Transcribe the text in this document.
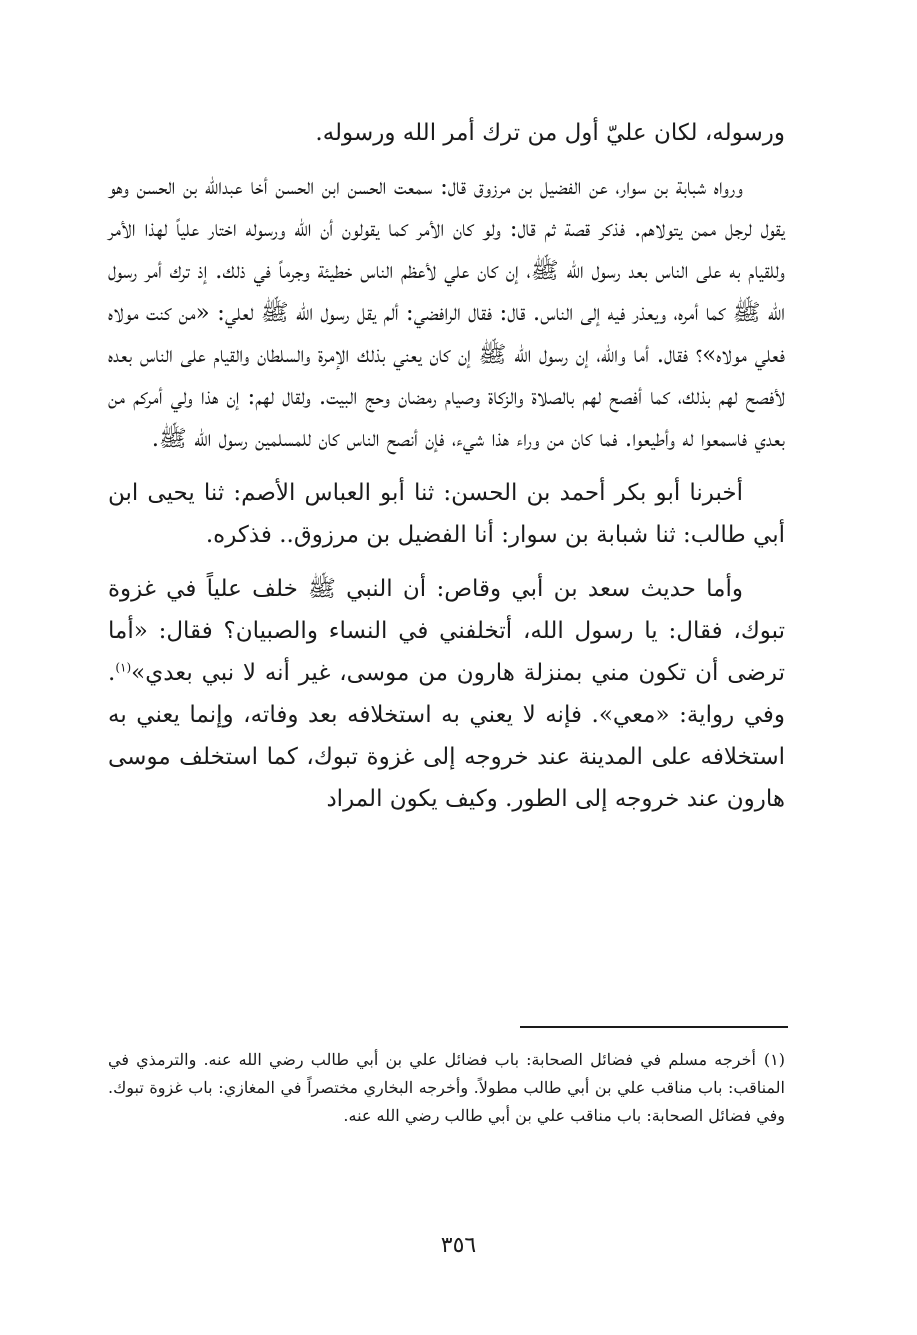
ورسوله، لكان عليّ أول من ترك أمر الله ورسوله.

ورواه شبابة بن سوار، عن الفضيل بن مرزوق قال: سمعت الحسن ابن الحسن أخا عبدالله بن الحسن وهو يقول لرجل ممن يتولاهم. فذكر قصة ثم قال: ولو كان الأمر كما يقولون أن الله ورسوله اختار علياً لهذا الأمر وللقيام به على الناس بعد رسول الله ﷺ، إن كان علي لأعظم الناس خطيئة وجرماً في ذلك. إذ ترك أمر رسول الله ﷺ كما أمره، ويعذر فيه إلى الناس. قال: فقال الرافضي: ألم يقل رسول الله ﷺ لعلي: «من كنت مولاه فعلي مولاه»؟ فقال. أما والله، إن رسول الله ﷺ إن كان يعني بذلك الإمرة والسلطان والقيام على الناس بعده لأفصح لهم بذلك، كما أفصح لهم بالصلاة والزكاة وصيام رمضان وحج البيت. ولقال لهم: إن هذا ولي أمركم من بعدي فاسمعوا له وأطيعوا. فما كان من وراء هذا شيء، فإن أنصح الناس كان للمسلمين رسول الله ﷺ.

أخبرنا أبو بكر أحمد بن الحسن: ثنا أبو العباس الأصم: ثنا يحيى ابن أبي طالب: ثنا شبابة بن سوار: أنا الفضيل بن مرزوق.. فذكره.

وأما حديث سعد بن أبي وقاص: أن النبي ﷺ خلف علياً في غزوة تبوك، فقال: يا رسول الله، أتخلفني في النساء والصبيان؟ فقال: «أما ترضى أن تكون مني بمنزلة هارون من موسى، غير أنه لا نبي بعدي»$^{(١)}$. وفي رواية: «معي». فإنه لا يعني به استخلافه بعد وفاته، وإنما يعني به استخلافه على المدينة عند خروجه إلى غزوة تبوك، كما استخلف موسى هارون عند خروجه إلى الطور. وكيف يكون المراد

(١)أخرجه مسلم في فضائل الصحابة: باب فضائل علي بن أبي طالب رضي الله عنه. والترمذي في المناقب: باب مناقب علي بن أبي طالب مطولاً. وأخرجه البخاري مختصراً في المغازي: باب غزوة تبوك. وفي فضائل الصحابة: باب مناقب علي بن أبي طالب رضي الله عنه.
٣٥٦
